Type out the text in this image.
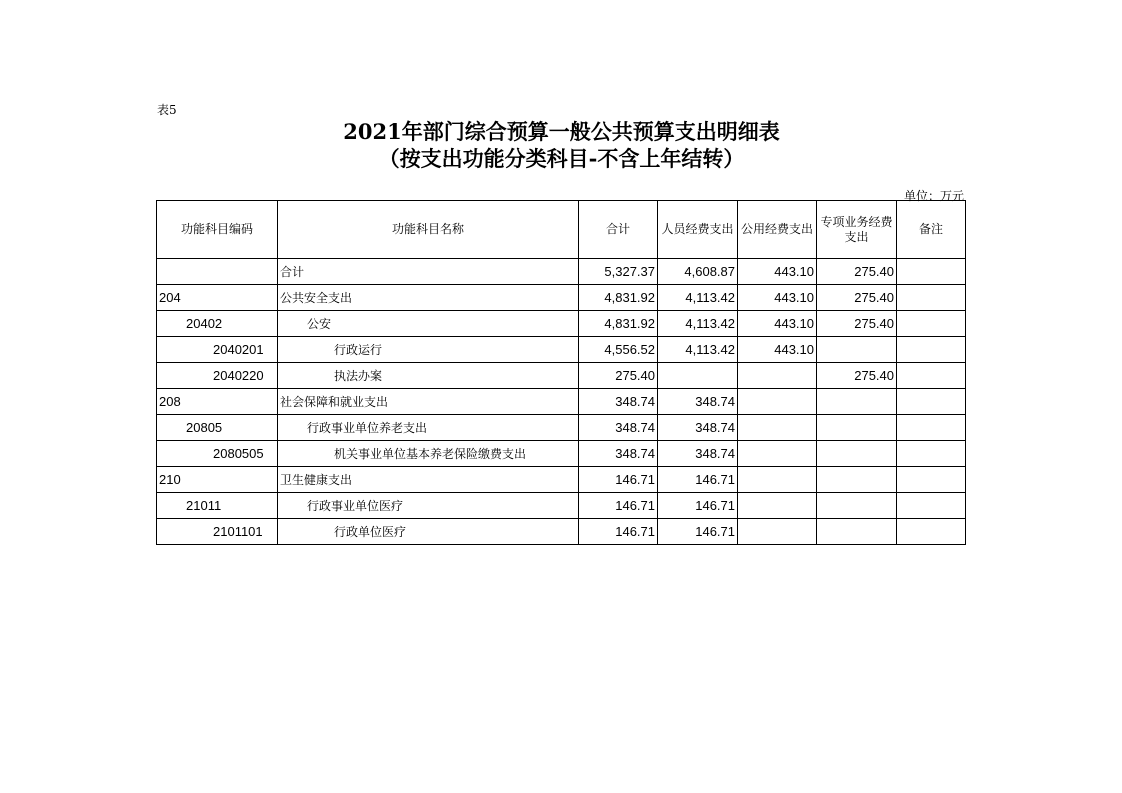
表5
2021年部门综合预算一般公共预算支出明细表
（按支出功能分类科目-不含上年结转）
单位：万元
功能科目编码	功能科目名称	合计	人员经费支出	公用经费支出	专项业务经费支出	备注
	合计	5,327.37	4,608.87	443.10	275.40	
204	公共安全支出	4,831.92	4,113.42	443.10	275.40	
20402	公安	4,831.92	4,113.42	443.10	275.40	
2040201	行政运行	4,556.52	4,113.42	443.10		
2040220	执法办案	275.40			275.40	
208	社会保障和就业支出	348.74	348.74			
20805	行政事业单位养老支出	348.74	348.74			
2080505	机关事业单位基本养老保险缴费支出	348.74	348.74			
210	卫生健康支出	146.71	146.71			
21011	行政事业单位医疗	146.71	146.71			
2101101	行政单位医疗	146.71	146.71			
